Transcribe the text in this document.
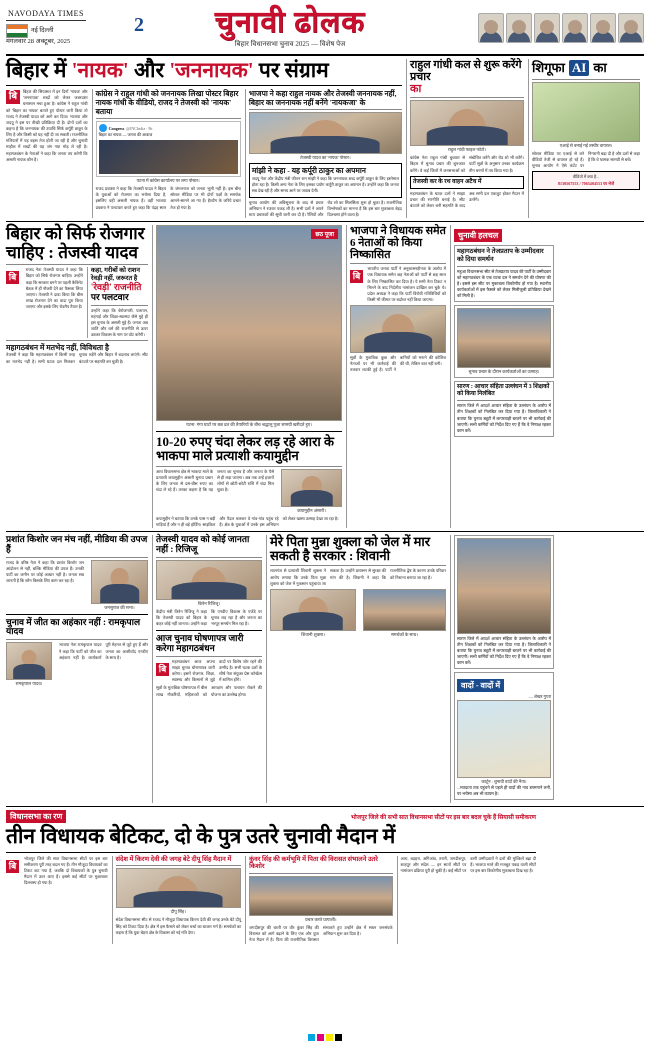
NAVODAYA TIMES
नई दिल्ली
मंगलवार 28 अक्टूबर, 2025
2	चुनावी ढोलक
बिहार विधानसभा चुनाव 2025 — विशेष पेज
बिहार में 'नायक' और 'जननायक' पर संग्राम
बि	बिहार की सियासत में इन दिनों 'नायक' और 'जननायक' शब्दों को लेकर जबरदस्त घमासान मचा हुआ है। कांग्रेस ने राहुल गांधी को 'बिहार का नायक' बताते हुए पोस्टर जारी किया तो राजद ने तेजस्वी यादव को आगे कर दिया। भाजपा और जदयू ने इस पर तीखी प्रतिक्रिया दी है। दोनों दलों का कहना है कि जननायक की उपाधि सिर्फ कर्पूरी ठाकुर के लिए है और किसी को यह नहीं दी जा सकती। राजनीतिक गलियारों में यह बहस तेज होती जा रही है और चुनावी माहौल में शब्दों की यह जंग नया मोड़ ले रही है। महागठबंधन के नेताओं ने कहा कि जनता तय करेगी कि असली नायक कौन है।
कांग्रेस ने राहुल गांधी को जननायक लिखा पोस्टर बिहार नायक गांधी के वीडियो, राजद ने तेजस्वी को 'नायक' बताया
Congress @INCIndia · 9h
बिहार का नायक — जनता की आवाज़
पटना में कांग्रेस कार्यालय पर लगा पोस्टर।
राजद प्रवक्ता ने कहा कि तेजस्वी यादव ने बिहार के युवाओं को रोजगार का भरोसा दिया है, इसलिए वही असली नायक हैं। वहीं भाजपा प्रवक्ता ने पलटवार करते हुए कहा कि पंद्रह साल के जंगलराज को जनता भूली नहीं है। इस बीच सोशल मीडिया पर भी दोनों पक्षों के समर्थक आमने-सामने आ गए हैं। हैशटैग के जरिये प्रचार तेज हो गया है।
भाजपा ने कहा राहुल नायक और तेजस्वी जननायक नहीं, बिहार का जननायक नहीं बनेंगे 'नायकजा' के
तेजस्वी यादव का 'नायक' पोस्टर।
मांझी ने कहा - यह कर्पूरी ठाकुर का अपमान
जदयू नेता और केंद्रीय मंत्री जीतन राम मांझी ने कहा कि जननायक शब्द कर्पूरी ठाकुर के लिए इस्तेमाल होता रहा है। किसी अन्य नेता के लिए इसका प्रयोग कर्पूरी ठाकुर का अपमान है। उन्होंने कहा कि जनता सब देख रही है और समय आने पर जवाब देगी।
चुनाव आयोग की अधिसूचना के बाद से प्रचार अभियान ने रफ्तार पकड़ ली है। सभी दलों ने अपने स्टार प्रचारकों की सूची जारी कर दी है। रैलियों और रोड शो का सिलसिला शुरू हो चुका है। राजनीतिक विश्लेषकों का मानना है कि इस बार मुकाबला बेहद दिलचस्प होने वाला है।
राहुल गांधी कल से शुरू करेंगे प्रचार
का
राहुल गांधी फाइल फोटो।
कांग्रेस नेता राहुल गांधी बुधवार से बिहार में चुनाव प्रचार की शुरुआत करेंगे। वे कई जिलों में जनसभाओं को संबोधित करेंगे और रोड शो भी करेंगे। पार्टी सूत्रों के अनुसार उनका कार्यक्रम तीन चरणों में तय किया गया है।
तेजस्वी कर के रथ वाहन अटैच में
महागठबंधन के घटक दलों ने साझा प्रचार की रणनीति बनाई है। सीट बंटवारे को लेकर बनी सहमति के बाद अब सभी दल एकजुट होकर मैदान में उतरेंगे।
शिगूफा AI का
एआई से बनाई गई तस्वीर वायरल।
सोशल मीडिया पर एआई से बने वीडियो तेजी से वायरल हो रहे हैं। चुनाव आयोग ने ऐसे कंटेंट पर निगरानी बढ़ा दी है और दलों से कहा है कि वे भ्रामक सामग्री से बचें।
वीडियो में क्या है...
8130567553 / 7065404553 पर भेजें
बिहार को सिर्फ रोजगार
चाहिए : तेजस्वी यादव
बि
राजद नेता तेजस्वी यादव ने कहा कि बिहार को सिर्फ रोजगार चाहिए। उन्होंने कहा कि सरकार बनने पर पहली कैबिनेट बैठक में ही नौकरी देने का फैसला लिया जाएगा। तेजस्वी ने दावा किया कि बीस लाख रोजगार देने का वादा पूरा किया जाएगा और इसके लिए रोडमैप तैयार है।
कहा, गरीबों को राशन रेवड़ी नहीं, जरूरत है
'रेवड़ी' राजनीति
पर पलटवार
उन्होंने कहा कि बेरोजगारी, पलायन, महंगाई और शिक्षा-स्वास्थ्य जैसे मुद्दे ही इस चुनाव के असली मुद्दे हैं। जनता अब जाति और धर्म की राजनीति से ऊपर उठकर विकास के नाम पर वोट करेगी।
महागठबंधन में मतभेद नहीं, विविधता है
तेजस्वी ने कहा कि महागठबंधन में किसी तरह का मतभेद नहीं है। सभी घटक दल मिलकर चुनाव लड़ेंगे और बिहार में बदलाव लाएंगे। सीट बंटवारे पर सहमति बन चुकी है।
छठ पूजा
पटना: गंगा घाटों पर छठ व्रत की तैयारियों के बीच श्रद्धालु पूजा सामग्री खरीदते हुए।
10-20 रुपए चंदा लेकर लड़ रहे आरा के भाकपा माले प्रत्याशी कयामुद्दीन
आरा विधानसभा क्षेत्र से भाकपा माले के प्रत्याशी कयामुद्दीन अंसारी चुनाव प्रचार के लिए जनता से दस-बीस रुपए का चंदा ले रहे हैं। उनका कहना है कि यह जनता का चुनाव है और जनता के पैसे से ही लड़ा जाएगा। अब तक उन्हें हजारों लोगों से छोटी-छोटी राशि में चंदा मिल चुका है।
कयामुद्दीन अंसारी।
कयामुद्दीन ने बताया कि उनके पास न बड़ी गाड़ियां हैं और न ही बड़े होर्डिंग। साइकिल और पैदल चलकर वे गांव-गांव पहुंच रहे हैं। क्षेत्र के युवाओं में उनके इस अभियान को लेकर खासा उत्साह देखा जा रहा है।
भाजपा ने विधायक समेत 6 नेताओं को किया निष्कासित
बि
भारतीय जनता पार्टी ने अनुशासनहीनता के आरोप में एक विधायक समेत छह नेताओं को पार्टी से छह साल के लिए निष्कासित कर दिया है। ये सभी नेता टिकट न मिलने के बाद निर्दलीय नामांकन दाखिल कर चुके थे। प्रदेश अध्यक्ष ने कहा कि पार्टी विरोधी गतिविधियों को किसी भी कीमत पर बर्दाश्त नहीं किया जाएगा।
सूत्रों के मुताबिक कुछ और नेताओं पर भी कार्रवाई की तलवार लटकी हुई है। पार्टी ने बागियों को मनाने की कोशिश की थी, लेकिन बात नहीं बनी।
चुनावी हलचल
महागठबंधन ने तेजप्रताप के उम्मीदवार को दिया समर्थन
महुआ विधानसभा सीट से तेजप्रताप यादव की पार्टी के उम्मीदवार को महागठबंधन के एक घटक दल ने समर्थन देने की घोषणा की है। इससे इस सीट पर मुकाबला त्रिकोणीय हो गया है। स्थानीय कार्यकर्ताओं में इस फैसले को लेकर मिलीजुली प्रतिक्रिया देखने को मिली है।
चुनाव प्रचार के दौरान कार्यकर्ताओं का उत्साह।
सारण : आचार संहिता उल्लंघन में 3 शिक्षकों को किया निलंबित
सारण जिले में आदर्श आचार संहिता के उल्लंघन के आरोप में तीन शिक्षकों को निलंबित कर दिया गया है। जिलाधिकारी ने बताया कि चुनाव ड्यूटी में लापरवाही बरतने पर भी कार्रवाई की जाएगी। सभी कर्मियों को निर्देश दिए गए हैं कि वे निष्पक्ष रहकर काम करें।
प्रशांत किशोर जन मंच नहीं, मीडिया की उपज हैं
राजद के वरिष्ठ नेता ने कहा कि प्रशांत किशोर जन आंदोलन से नहीं, बल्कि मीडिया की उपज हैं। उनकी पार्टी का जमीन पर कोई आधार नहीं है। जनता सब जानती है कि कौन किसके लिए काम कर रहा है।
जनसुराज की सभा।
चुनाव में जीत का अहंकार नहीं : रामकृपाल यादव
रामकृपाल यादव।
भाजपा नेता रामकृपाल यादव ने कहा कि पार्टी को जीत का अहंकार नहीं है। कार्यकर्ता पूरी मेहनत से जुटे हुए हैं और जनता का आशीर्वाद एनडीए के साथ है।
तेजस्वी यादव को कोई जानता नहीं : रिजिजू
किरेन रिजिजू।
केंद्रीय मंत्री किरेन रिजिजू ने कहा कि तेजस्वी यादव को बिहार के बाहर कोई नहीं जानता। उन्होंने कहा कि एनडीए विकास के एजेंडे पर चुनाव लड़ रहा है और जनता का भरपूर समर्थन मिल रहा है।
आज चुनाव घोषणापत्र जारी करेगा महागठबंधन
बि
महागठबंधन आज अपना साझा चुनाव घोषणापत्र जारी करेगा। इसमें रोजगार, शिक्षा, स्वास्थ्य और किसानों से जुड़े वादों पर विशेष जोर रहने की उम्मीद है। सभी घटक दलों के शीर्ष नेता संयुक्त प्रेस कॉन्फ्रेंस में शामिल होंगे।
सूत्रों के मुताबिक घोषणापत्र में बीस लाख नौकरियों, महिलाओं को आरक्षण और पलायन रोकने की योजना का उल्लेख होगा।
मेरे पिता मुन्ना शुक्ला को जेल में मार सकती है सरकार : शिवानी
लालगंज से प्रत्याशी शिवानी शुक्ला ने आरोप लगाया कि उनके पिता मुन्ना शुक्ला को जेल में नुकसान पहुंचाया जा सकता है। उन्होंने प्रशासन से सुरक्षा की मांग की है। शिवानी ने कहा कि राजनीतिक द्वेष के कारण उनके परिवार को निशाना बनाया जा रहा है।
शिवानी शुक्ला।	समर्थकों के साथ।
सारण जिले में आदर्श आचार संहिता के उल्लंघन के आरोप में तीन शिक्षकों को निलंबित कर दिया गया है। जिलाधिकारी ने बताया कि चुनाव ड्यूटी में लापरवाही बरतने पर भी कार्रवाई की जाएगी। सभी कर्मियों को निर्देश दिए गए हैं कि वे निष्पक्ष रहकर काम करें।
वादों - वादों में
— शेखर गुप्ता
कार्टून : चुनावी वादों की नैया।
...मतदाता तक पहुंचने से पहले ही वादों की नाव डगमगाने लगी, पर भरोसा अब भी कायम है।
विधानसभा का रण	भोजपुर जिले की सभी सात विधानसभा सीटों पर इस बार बदल चुके हैं सियासी समीकरण
तीन विधायक बेटिकट, दो के पुत्र उतरे चुनावी मैदान में
बि
भोजपुर जिले की सात विधानसभा सीटों पर इस बार समीकरण पूरी तरह बदल गए हैं। तीन मौजूदा विधायकों का टिकट कट गया है, जबकि दो विधायकों के पुत्र चुनावी मैदान में उतर आए हैं। इससे कई सीटों पर मुकाबला दिलचस्प हो गया है।
संदेश में किरण देवी की जगह बेटे दीपू सिंह मैदान में
दीपू सिंह।
संदेश विधानसभा सीट से राजद ने मौजूदा विधायक किरण देवी की जगह उनके बेटे दीपू सिंह को टिकट दिया है। क्षेत्र में इस फैसले को लेकर चर्चा का बाजार गर्म है। समर्थकों का कहना है कि युवा चेहरा क्षेत्र के विकास को नई गति देगा।
कुंवर सिंह की कर्मभूमि में पिता की विरासत संभालने उतरे किशोर
प्रचार करते प्रत्याशी।
जगदीशपुर की धरती पर वीर कुंवर सिंह की विरासत को आगे बढ़ाने के लिए एक और युवा नेता मैदान में है। पिता की राजनीतिक विरासत संभालते हुए उन्होंने क्षेत्र में सघन जनसंपर्क अभियान शुरू कर दिया है।
आरा, बड़हरा, अगिआंव, तरारी, जगदीशपुर, शाहपुर और संदेश — इन सातों सीटों पर नामांकन प्रक्रिया पूरी हो चुकी है। कई सीटों पर बागी उम्मीदवारों ने दलों की मुश्किलें बढ़ा दी हैं। भाकपा माले की मजबूत पकड़ वाली सीटों पर इस बार त्रिकोणीय मुकाबला दिख रहा है।
